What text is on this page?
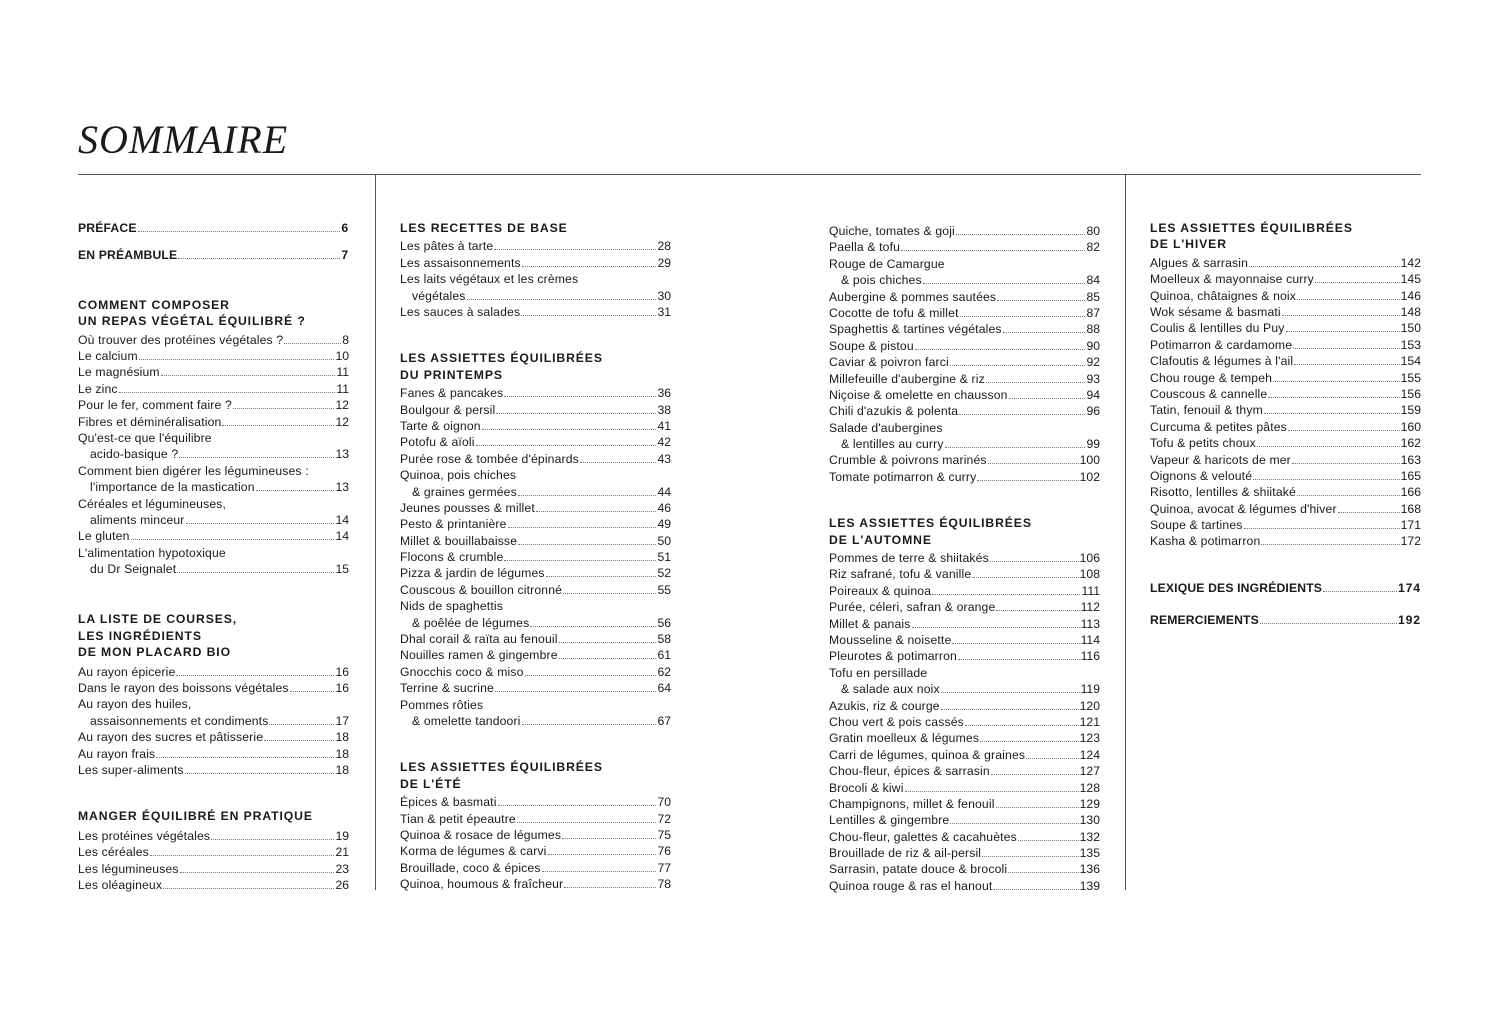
SOMMAIRE
PRÉFACE	6
EN PRÉAMBULE	7
COMMENT COMPOSER
UN REPAS VÉGÉTAL ÉQUILIBRÉ ?
Où trouver des protéines végétales ?	8
Le calcium	10
Le magnésium	11
Le zinc	11
Pour le fer, comment faire ?	12
Fibres et déminéralisation	12
Qu'est-ce que l'équilibre
acido-basique ?	13
Comment bien digérer les légumineuses :
l'importance de la mastication	13
Céréales et légumineuses,
aliments minceur	14
Le gluten	14
L'alimentation hypotoxique
du Dr Seignalet	15
LA LISTE DE COURSES,
LES INGRÉDIENTS
DE MON PLACARD BIO
Au rayon épicerie	16
Dans le rayon des boissons végétales	16
Au rayon des huiles,
assaisonnements et condiments	17
Au rayon des sucres et pâtisserie	18
Au rayon frais	18
Les super-aliments	18
MANGER ÉQUILIBRÉ EN PRATIQUE
Les protéines végétales	19
Les céréales	21
Les légumineuses	23
Les oléagineux	26
LES RECETTES DE BASE
Les pâtes à tarte	28
Les assaisonnements	29
Les laits végétaux et les crèmes
végétales	30
Les sauces à salades	31
LES ASSIETTES ÉQUILIBRÉES
DU PRINTEMPS
Fanes & pancakes	36
Boulgour & persil	38
Tarte & oignon	41
Potofu & aïoli	42
Purée rose & tombée d'épinards	43
Quinoa, pois chiches
& graines germées	44
Jeunes pousses & millet	46
Pesto & printanière	49
Millet & bouillabaisse	50
Flocons & crumble	51
Pizza & jardin de légumes	52
Couscous & bouillon citronné	55
Nids de spaghettis
& poêlée de légumes	56
Dhal corail & raïta au fenouil	58
Nouilles ramen & gingembre	61
Gnocchis coco & miso	62
Terrine & sucrine	64
Pommes rôties
& omelette tandoori	67
LES ASSIETTES ÉQUILIBRÉES
DE L'ÉTÉ
Épices & basmati	70
Tian & petit épeautre	72
Quinoa & rosace de légumes	75
Korma de légumes & carvi	76
Brouillade, coco & épices	77
Quinoa, houmous & fraîcheur	78
Quiche, tomates & goji	80
Paella & tofu	82
Rouge de Camargue
& pois chiches	84
Aubergine & pommes sautées	85
Cocotte de tofu & millet	87
Spaghettis & tartines végétales	88
Soupe & pistou	90
Caviar & poivron farci	92
Millefeuille d'aubergine & riz	93
Niçoise & omelette en chausson	94
Chili d'azukis & polenta	96
Salade d'aubergines
& lentilles au curry	99
Crumble & poivrons marinés	100
Tomate potimarron & curry	102
LES ASSIETTES ÉQUILIBRÉES
DE L'AUTOMNE
Pommes de terre & shiitakés	106
Riz safrané, tofu & vanille	108
Poireaux & quinoa	111
Purée, céleri, safran & orange	112
Millet & panais	113
Mousseline & noisette	114
Pleurotes & potimarron	116
Tofu en persillade
& salade aux noix	119
Azukis, riz & courge	120
Chou vert & pois cassés	121
Gratin moelleux & légumes	123
Carri de légumes, quinoa & graines	124
Chou-fleur, épices & sarrasin	127
Brocoli & kiwi	128
Champignons, millet & fenouil	129
Lentilles & gingembre	130
Chou-fleur, galettes & cacahuètes	132
Brouillade de riz & ail-persil	135
Sarrasin, patate douce & brocoli	136
Quinoa rouge & ras el hanout	139
LES ASSIETTES ÉQUILIBRÉES
DE L'HIVER
Algues & sarrasin	142
Moelleux & mayonnaise curry	145
Quinoa, châtaignes & noix	146
Wok sésame & basmati	148
Coulis & lentilles du Puy	150
Potimarron & cardamome	153
Clafoutis & légumes à l'ail	154
Chou rouge & tempeh	155
Couscous & cannelle	156
Tatin, fenouil & thym	159
Curcuma & petites pâtes	160
Tofu & petits choux	162
Vapeur & haricots de mer	163
Oignons & velouté	165
Risotto, lentilles & shiitaké	166
Quinoa, avocat & légumes d'hiver	168
Soupe & tartines	171
Kasha & potimarron	172
LEXIQUE DES INGRÉDIENTS	174
REMERCIEMENTS	192
